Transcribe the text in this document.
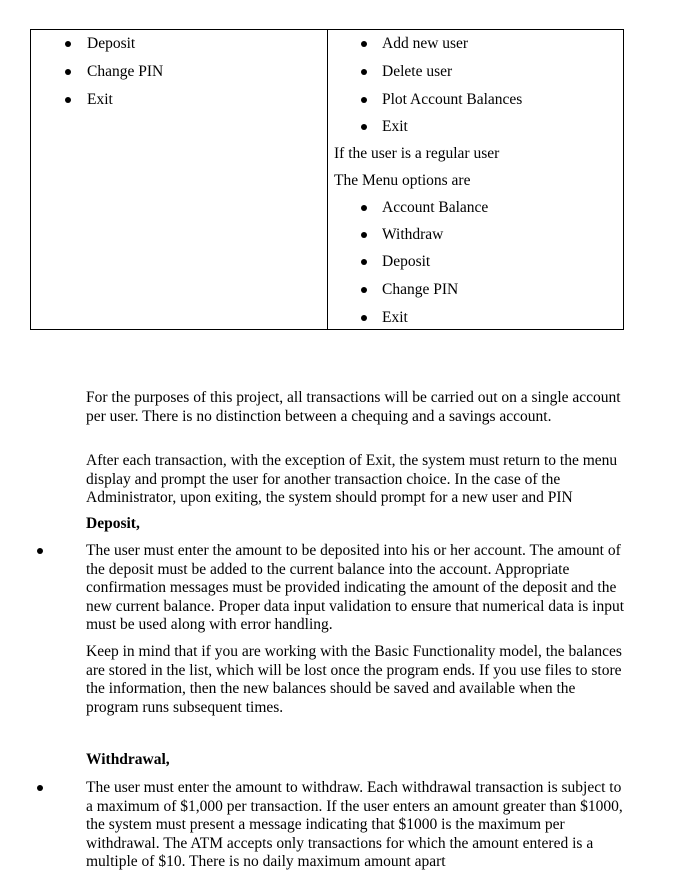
Deposit
Change PIN
Exit

Add new user
Delete user
Plot Account Balances
Exit
If the user is a regular user
The Menu options are
Account Balance
Withdraw
Deposit
Change PIN
Exit

For the purposes of this project, all transactions will be carried out on a single account per user. There is no distinction between a chequing and a savings account.

After each transaction, with the exception of Exit, the system must return to the menu display and prompt the user for another transaction choice. In the case of the Administrator, upon exiting, the system should prompt for a new user and PIN

Deposit,

The user must enter the amount to be deposited into his or her account. The amount of the deposit must be added to the current balance into the account. Appropriate confirmation messages must be provided indicating the amount of the deposit and the new current balance. Proper data input validation to ensure that numerical data is input must be used along with error handling.

Keep in mind that if you are working with the Basic Functionality model, the balances are stored in the list, which will be lost once the program ends. If you use files to store the information, then the new balances should be saved and available when the program runs subsequent times.

Withdrawal,

The user must enter the amount to withdraw. Each withdrawal transaction is subject to a maximum of $1,000 per transaction. If the user enters an amount greater than $1000, the system must present a message indicating that $1000 is the maximum per withdrawal. The ATM accepts only transactions for which the amount entered is a multiple of $10. There is no daily maximum amount apart
